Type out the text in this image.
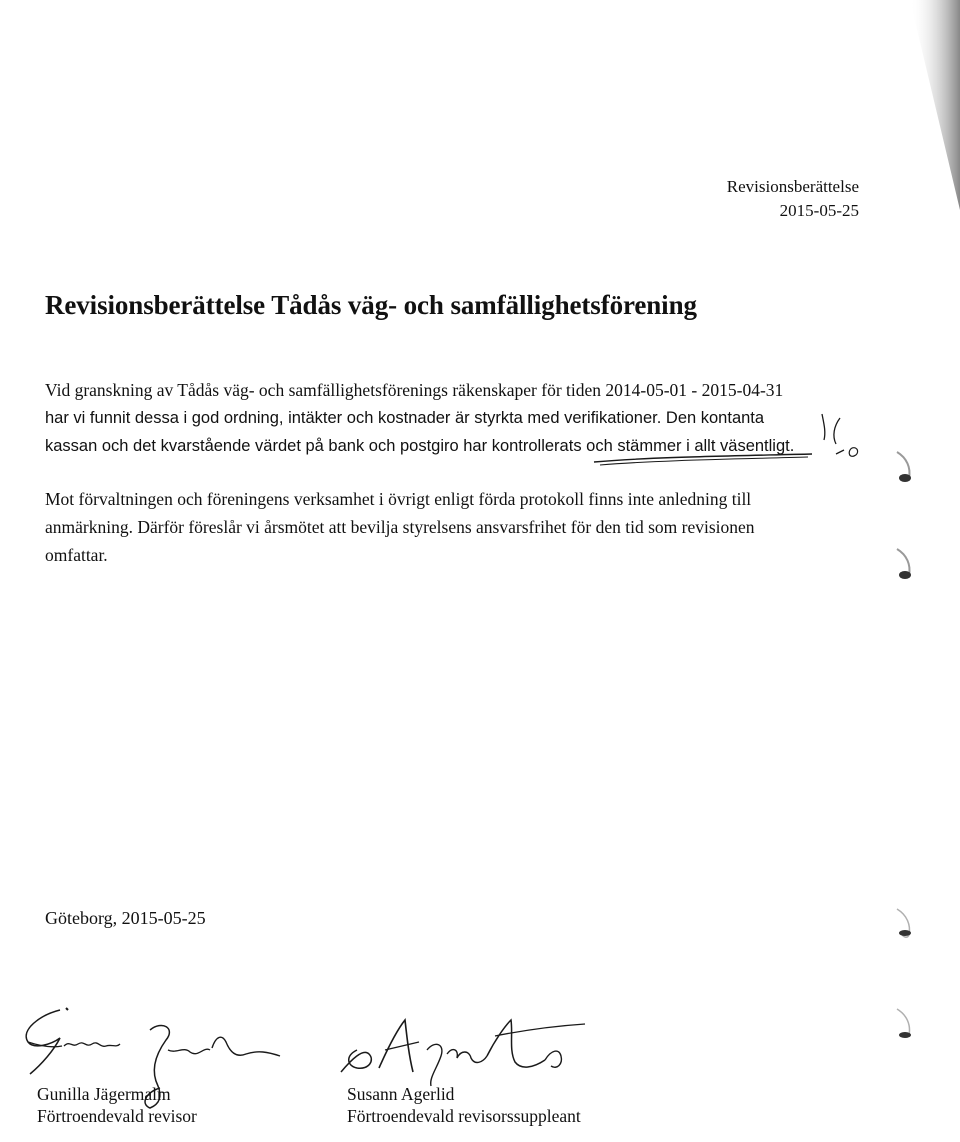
Revisionsberättelse
2015-05-25
Revisionsberättelse Tådås väg- och samfällighetsförening

Vid granskning av Tådås väg- och samfällighetsförenings räkenskaper för tiden 2014-05-01 - 2015-04-31
har vi funnit dessa i god ordning, intäkter och kostnader är styrkta med verifikationer. Den kontanta
kassan och det kvarstående värdet på bank och postgiro har kontrollerats och stämmer i allt väsentligt.

Mot förvaltningen och föreningens verksamhet i övrigt enligt förda protokoll finns inte anledning till
anmärkning. Därför föreslår vi årsmötet att bevilja styrelsens ansvarsfrihet för den tid som revisionen
omfattar.

Göteborg, 2015-05-25
Gunilla Jägermalm
Förtroendevald revisor
Susann Agerlid
Förtroendevald revisorssuppleant
